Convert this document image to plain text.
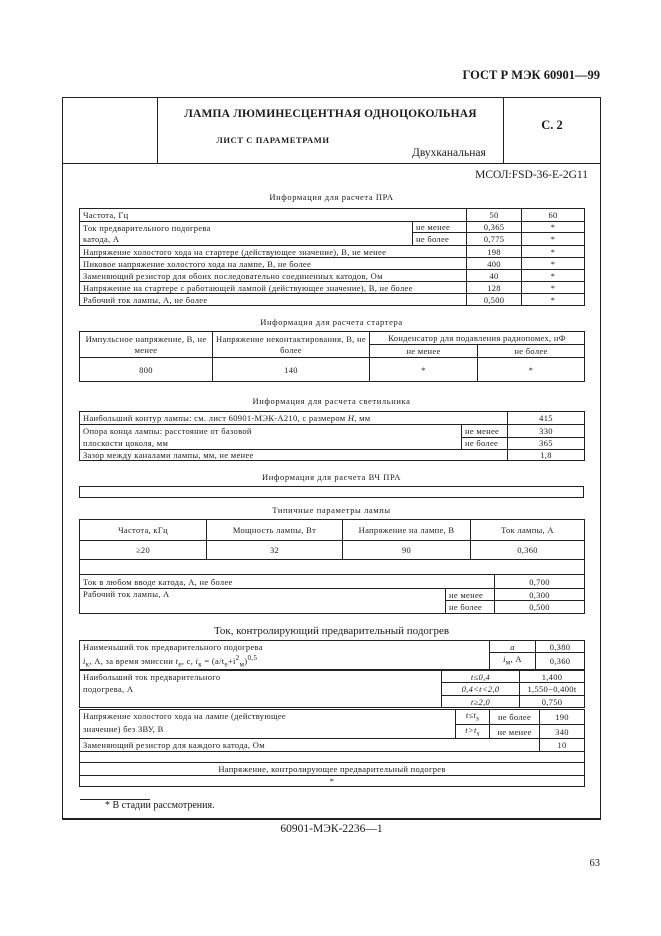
ГОСТ Р МЭК 60901—99
ЛАМПА ЛЮМИНЕСЦЕНТНАЯ ОДНОЦОКОЛЬНАЯ
ЛИСТ С ПАРАМЕТРАМИ
Двухканальная
С. 2
МСОЛ:FSD-36-E-2G11
Информация для расчета ПРА
Частота, Гц		50	60
Ток предварительного подогрева
катода, А	не менее	0,365	*
	не более	0,775	*
Напряжение холостого хода на стартере (действующее значение), В, не менее		198	*
Пиковое напряжение холостого хода на лампе, В, не более		400	*
Заменяющий резистор для обоих последовательно соединенных катодов, Ом		40	*
Напряжение на стартере с работающей лампой (действующее значение), В, не более		128	*
Рабочий ток лампы, А, не более		0,500	*
Информация для расчета стартера
Импульсное напряжение, В, не менее	Напряжение неконтактирования, В, не более	Конденсатор для подавления радиопомех, нФ	
		не менее	не более
800	140	*	*
Информация для расчета светильника
Наибольший контур лампы: см. лист 60901-МЭК-А210, с размером Н, мм		415
Опора конца лампы: расстояние от базовой
плоскости цоколя, мм	не менее	330
	не более	365
Зазор между каналами лампы, мм, не менее		1,8
Информация для расчета ВЧ ПРА
Типичные параметры лампы
Частота, кГц	Мощность лампы, Вт	Напряжение на лампе, В	Ток лампы, А
≥20	32	90	0,360

Ток в любом вводе катода, А, не более		0,700
Рабочий ток лампы, А	не менее	0,300
	не более	0,500
Ток, контролирующий предварительный подогрев
Наименьший ток предварительного подогрева	a	0,380
$i_к$, А, за время эмиссии $t_e$, с, $i_к = (a/t_e+i^2_м)^{0,5}$	$i_м$, А	0,360
Наибольший ток предварительного
подогрева, А	t≤0,4	1,400
	0,4<t<2,0	1,550−0,400t
	t≥2,0	0,750
Напряжение холостого хода на лампе (действующее
значение) без ЗВУ, В	$t\le t_s$	не более	190
	$t>t_s$	не менее	340
Заменяющий резистор для каждого катода, Ом			10

Напряжение, контролирующее предварительный подогрев			
*			
* В стадии рассмотрения.
60901-МЭК-2236—1
63
